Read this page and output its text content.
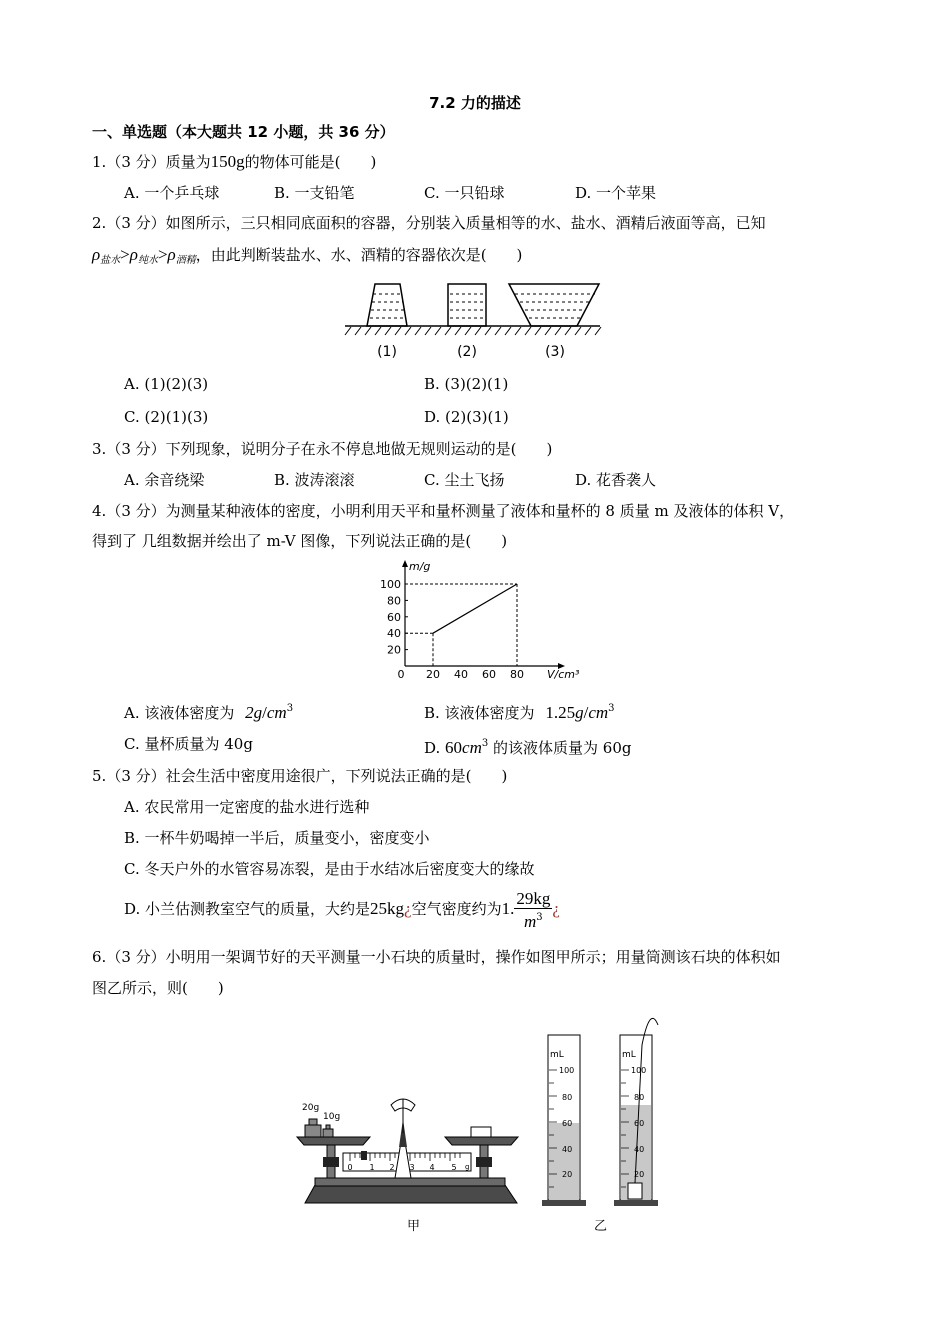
7.2 力的描述
一、单选题（本大题共 12 小题，共 36 分）
1.（3 分）质量为150g的物体可能是(　　)
A. 一个乒乓球	B. 一支铅笔	C. 一只铅球	D. 一个苹果
2.（3 分）如图所示，三只相同底面积的容器，分别装入质量相等的水、盐水、酒精后液面等高，已知
$\rho_{盐水}>\rho_{纯水}>\rho_{酒精}$，由此判断装盐水、水、酒精的容器依次是(　　)
(1)	(2)	(3)
A. (1)(2)(3)	B. (3)(2)(1)
C. (2)(1)(3)	D. (2)(3)(1)
3.（3 分）下列现象，说明分子在永不停息地做无规则运动的是(　　)
A. 余音绕梁	B. 波涛滚滚	C. 尘土飞扬	D. 花香袭人
4.（3 分）为测量某种液体的密度，小明利用天平和量杯测量了液体和量杯的 8 质量 m 及液体的体积 V，
得到了 几组数据并绘出了 m-V 图像，下列说法正确的是(　　)
m/g
V/cm³
0 20 40 60 80
20
40
60
80
100
A. 该液体密度为 $2g/cm^3$	B. 该液体密度为 $1.25g/cm^3$
C. 量杯质量为 40g	D. $60cm^3$ 的该液体质量为 60g
5.（3 分）社会生活中密度用途很广，下列说法正确的是(　　)
A. 农民常用一定密度的盐水进行选种
B. 一杯牛奶喝掉一半后，质量变小，密度变小
C. 冬天户外的水管容易冻裂，是由于水结冰后密度变大的缘故
D. 小兰估测教室空气的质量，大约是25kg¿空气密度约为1. $\frac{29kg}{m^3}$ ¿
6.（3 分）小明用一架调节好的天平测量一小石块的质量时，操作如图甲所示；用量筒测该石块的体积如
图乙所示，则(　　)
0 1 2 3 4 5 g
20g
10g
mL
100
80
60
40
20
mL
100
80
60
40
20
甲	乙
